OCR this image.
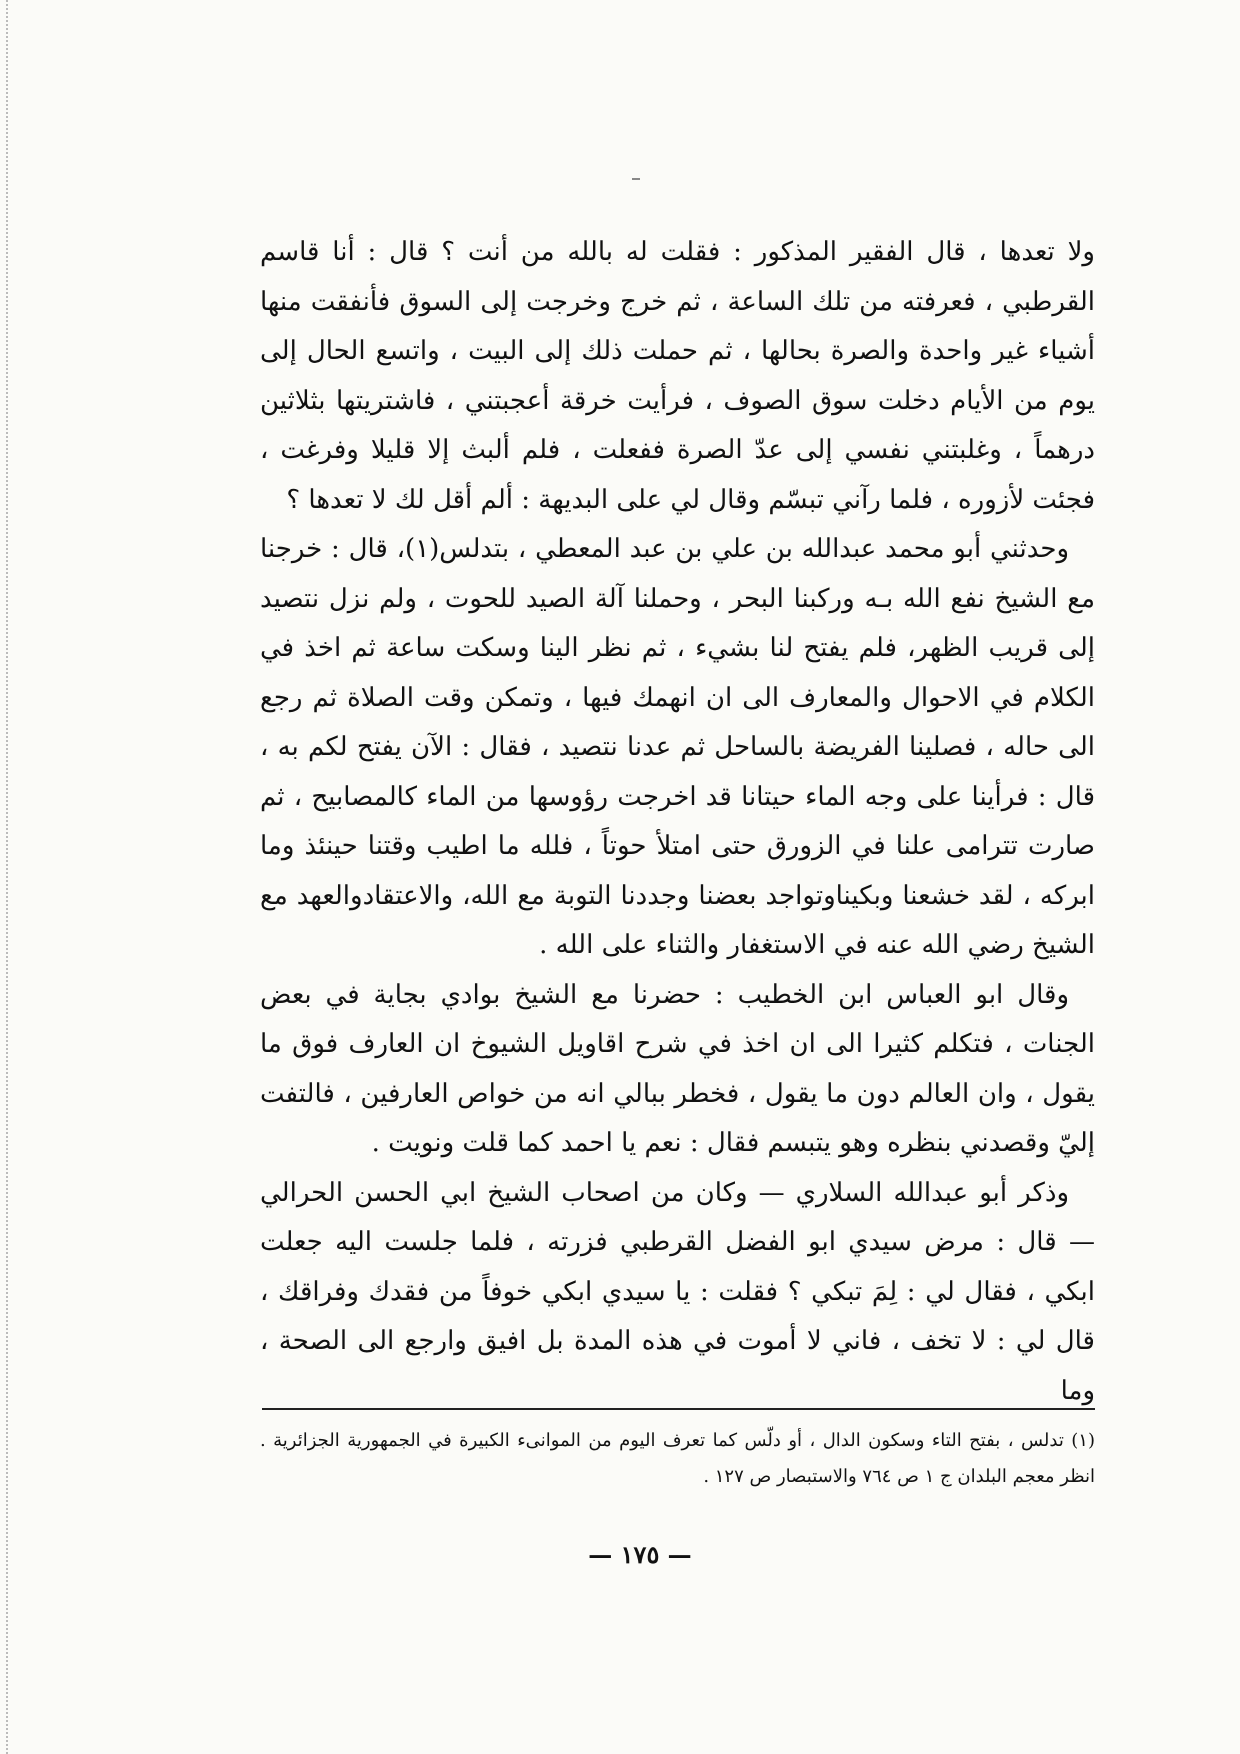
ولا تعدها ، قال الفقير المذكور : فقلت له بالله من أنت ؟ قال : أنا قاسم القرطبي ، فعرفته من تلك الساعة ، ثم خرج وخرجت إلى السوق فأنفقت منها أشياء غير واحدة والصرة بحالها ، ثم حملت ذلك إلى البيت ، واتسع الحال إلى يوم من الأيام دخلت سوق الصوف ، فرأيت خرقة أعجبتني ، فاشتريتها بثلاثين درهماً ، وغلبتني نفسي إلى عدّ الصرة ففعلت ، فلم ألبث إلا قليلا وفرغت ، فجئت لأزوره ، فلما رآني تبسّم وقال لي على البديهة : ألم أقل لك لا تعدها ؟

وحدثني أبو محمد عبدالله بن علي بن عبد المعطي ، بتدلس(١)، قال : خرجنا مع الشيخ نفع الله بـه وركبنا البحر ، وحملنا آلة الصيد للحوت ، ولم نزل نتصيد إلى قريب الظهر، فلم يفتح لنا بشيء ، ثم نظر الينا وسكت ساعة ثم اخذ في الكلام في الاحوال والمعارف الى ان انهمك فيها ، وتمكن وقت الصلاة ثم رجع الى حاله ، فصلينا الفريضة بالساحل ثم عدنا نتصيد ، فقال : الآن يفتح لكم به ، قال : فرأينا على وجه الماء حيتانا قد اخرجت رؤوسها من الماء كالمصابيح ، ثم صارت تترامى علنا في الزورق حتى امتلأ حوتاً ، فلله ما اطيب وقتنا حينئذ وما ابركه ، لقد خشعنا وبكيناوتواجد بعضنا وجددنا التوبة مع الله، والاعتقادوالعهد مع الشيخ رضي الله عنه في الاستغفار والثناء على الله .

وقال ابو العباس ابن الخطيب : حضرنا مع الشيخ بوادي بجاية في بعض الجنات ، فتكلم كثيرا الى ان اخذ في شرح اقاويل الشيوخ ان العارف فوق ما يقول ، وان العالم دون ما يقول ، فخطر ببالي انه من خواص العارفين ، فالتفت إليّ وقصدني بنظره وهو يتبسم فقال : نعم يا احمد كما قلت ونويت .

وذكر أبو عبدالله السلاري — وكان من اصحاب الشيخ ابي الحسن الحرالي — قال : مرض سيدي ابو الفضل القرطبي فزرته ، فلما جلست اليه جعلت ابكي ، فقال لي : لِمَ تبكي ؟ فقلت : يا سيدي ابكي خوفاً من فقدك وفراقك ، قال لي : لا تخف ، فاني لا أموت في هذه المدة بل افيق وارجع الى الصحة ، وما

(١) تدلس ، بفتح التاء وسكون الدال ، أو دلّس كما تعرف اليوم من الموانىء الكبيرة في الجمهورية الجزائرية . انظر معجم البلدان ج ١ ص ٧٦٤ والاستبصار ص ١٢٧ .
— ١٧٥ —
